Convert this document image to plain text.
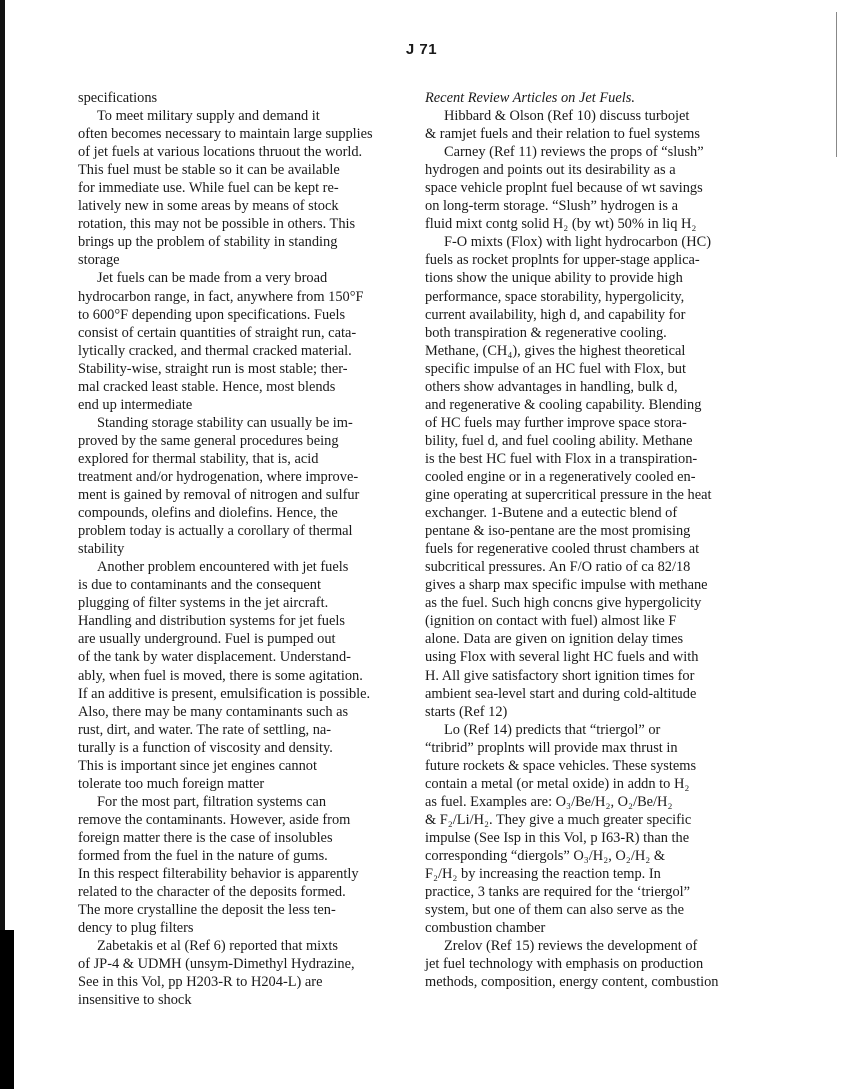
J 71
specifications
To meet military supply and demand it
often becomes necessary to maintain large supplies
of jet fuels at various locations thruout the world.
This fuel must be stable so it can be available
for immediate use. While fuel can be kept re-
latively new in some areas by means of stock
rotation, this may not be possible in others. This
brings up the problem of stability in standing
storage
Jet fuels can be made from a very broad
hydrocarbon range, in fact, anywhere from 150°F
to 600°F depending upon specifications. Fuels
consist of certain quantities of straight run, cata-
lytically cracked, and thermal cracked material.
Stability-wise, straight run is most stable; ther-
mal cracked least stable. Hence, most blends
end up intermediate
Standing storage stability can usually be im-
proved by the same general procedures being
explored for thermal stability, that is, acid
treatment and/or hydrogenation, where improve-
ment is gained by removal of nitrogen and sulfur
compounds, olefins and diolefins. Hence, the
problem today is actually a corollary of thermal
stability
Another problem encountered with jet fuels
is due to contaminants and the consequent
plugging of filter systems in the jet aircraft.
Handling and distribution systems for jet fuels
are usually underground. Fuel is pumped out
of the tank by water displacement. Understand-
ably, when fuel is moved, there is some agitation.
If an additive is present, emulsification is possible.
Also, there may be many contaminants such as
rust, dirt, and water. The rate of settling, na-
turally is a function of viscosity and density.
This is important since jet engines cannot
tolerate too much foreign matter
For the most part, filtration systems can
remove the contaminants. However, aside from
foreign matter there is the case of insolubles
formed from the fuel in the nature of gums.
In this respect filterability behavior is apparently
related to the character of the deposits formed.
The more crystalline the deposit the less ten-
dency to plug filters
Zabetakis et al (Ref 6) reported that mixts
of JP-4 & UDMH (unsym-Dimethyl Hydrazine,
See in this Vol, pp H203-R to H204-L) are
insensitive to shock
Recent Review Articles on Jet Fuels.
Hibbard & Olson (Ref 10) discuss turbojet
& ramjet fuels and their relation to fuel systems
Carney (Ref 11) reviews the props of “slush”
hydrogen and points out its desirability as a
space vehicle proplnt fuel because of wt savings
on long-term storage. “Slush” hydrogen is a
fluid mixt contg solid H₂ (by wt) 50% in liq H₂
F-O mixts (Flox) with light hydrocarbon (HC)
fuels as rocket proplnts for upper-stage applica-
tions show the unique ability to provide high
performance, space storability, hypergolicity,
current availability, high d, and capability for
both transpiration & regenerative cooling.
Methane, (CH₄), gives the highest theoretical
specific impulse of an HC fuel with Flox, but
others show advantages in handling, bulk d,
and regenerative & cooling capability. Blending
of HC fuels may further improve space stora-
bility, fuel d, and fuel cooling ability. Methane
is the best HC fuel with Flox in a transpiration-
cooled engine or in a regeneratively cooled en-
gine operating at supercritical pressure in the heat
exchanger. 1-Butene and a eutectic blend of
pentane & iso-pentane are the most promising
fuels for regenerative cooled thrust chambers at
subcritical pressures. An F/O ratio of ca 82/18
gives a sharp max specific impulse with methane
as the fuel. Such high concns give hypergolicity
(ignition on contact with fuel) almost like F
alone. Data are given on ignition delay times
using Flox with several light HC fuels and with
H. All give satisfactory short ignition times for
ambient sea-level start and during cold-altitude
starts (Ref 12)
Lo (Ref 14) predicts that “triergol” or
“tribrid” proplnts will provide max thrust in
future rockets & space vehicles. These systems
contain a metal (or metal oxide) in addn to H₂
as fuel. Examples are: O₃/Be/H₂, O₂/Be/H₂
& F₂/Li/H₂. They give a much greater specific
impulse (See Isp in this Vol, p I63-R) than the
corresponding “diergols” O₃/H₂, O₂/H₂ &
F₂/H₂ by increasing the reaction temp. In
practice, 3 tanks are required for the ‘triergol”
system, but one of them can also serve as the
combustion chamber
Zrelov (Ref 15) reviews the development of
jet fuel technology with emphasis on production
methods, composition, energy content, combustion
